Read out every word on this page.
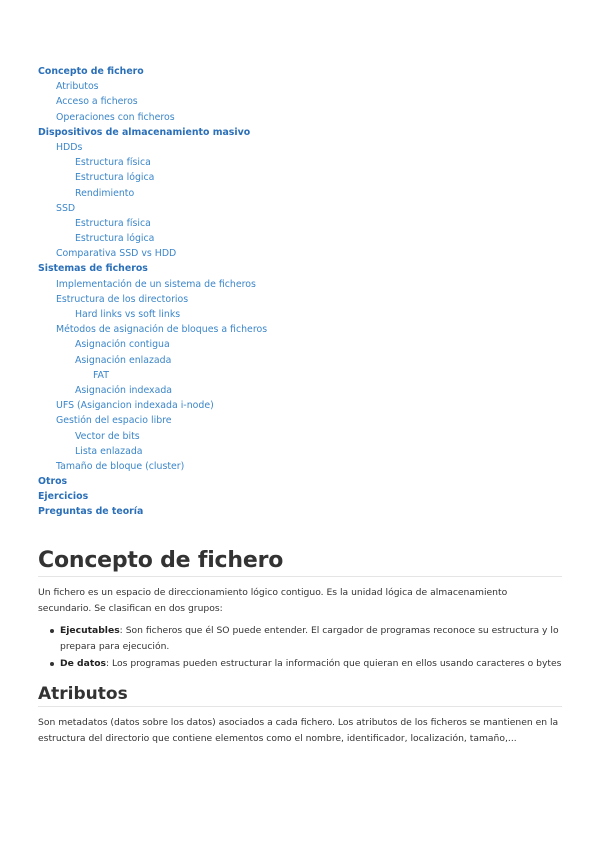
Concepto de fichero
Atributos
Acceso a ficheros
Operaciones con ficheros
Dispositivos de almacenamiento masivo
HDDs
Estructura física
Estructura lógica
Rendimiento
SSD
Estructura física
Estructura lógica
Comparativa SSD vs HDD
Sistemas de ficheros
Implementación de un sistema de ficheros
Estructura de los directorios
Hard links vs soft links
Métodos de asignación de bloques a ficheros
Asignación contigua
Asignación enlazada
FAT
Asignación indexada
UFS (Asigancion indexada i-node)
Gestión del espacio libre
Vector de bits
Lista enlazada
Tamaño de bloque (cluster)
Otros
Ejercicios
Preguntas de teoría
Concepto de fichero

Un fichero es un espacio de direccionamiento lógico contiguo. Es la unidad lógica de almacenamiento secundario. Se clasifican en dos grupos:

Ejecutables: Son ficheros que él SO puede entender. El cargador de programas reconoce su estructura y lo prepara para ejecución.
De datos: Los programas pueden estructurar la información que quieran en ellos usando caracteres o bytes
Atributos

Son metadatos (datos sobre los datos) asociados a cada fichero. Los atributos de los ficheros se mantienen en la estructura del directorio que contiene elementos como el nombre, identificador, localización, tamaño,...
